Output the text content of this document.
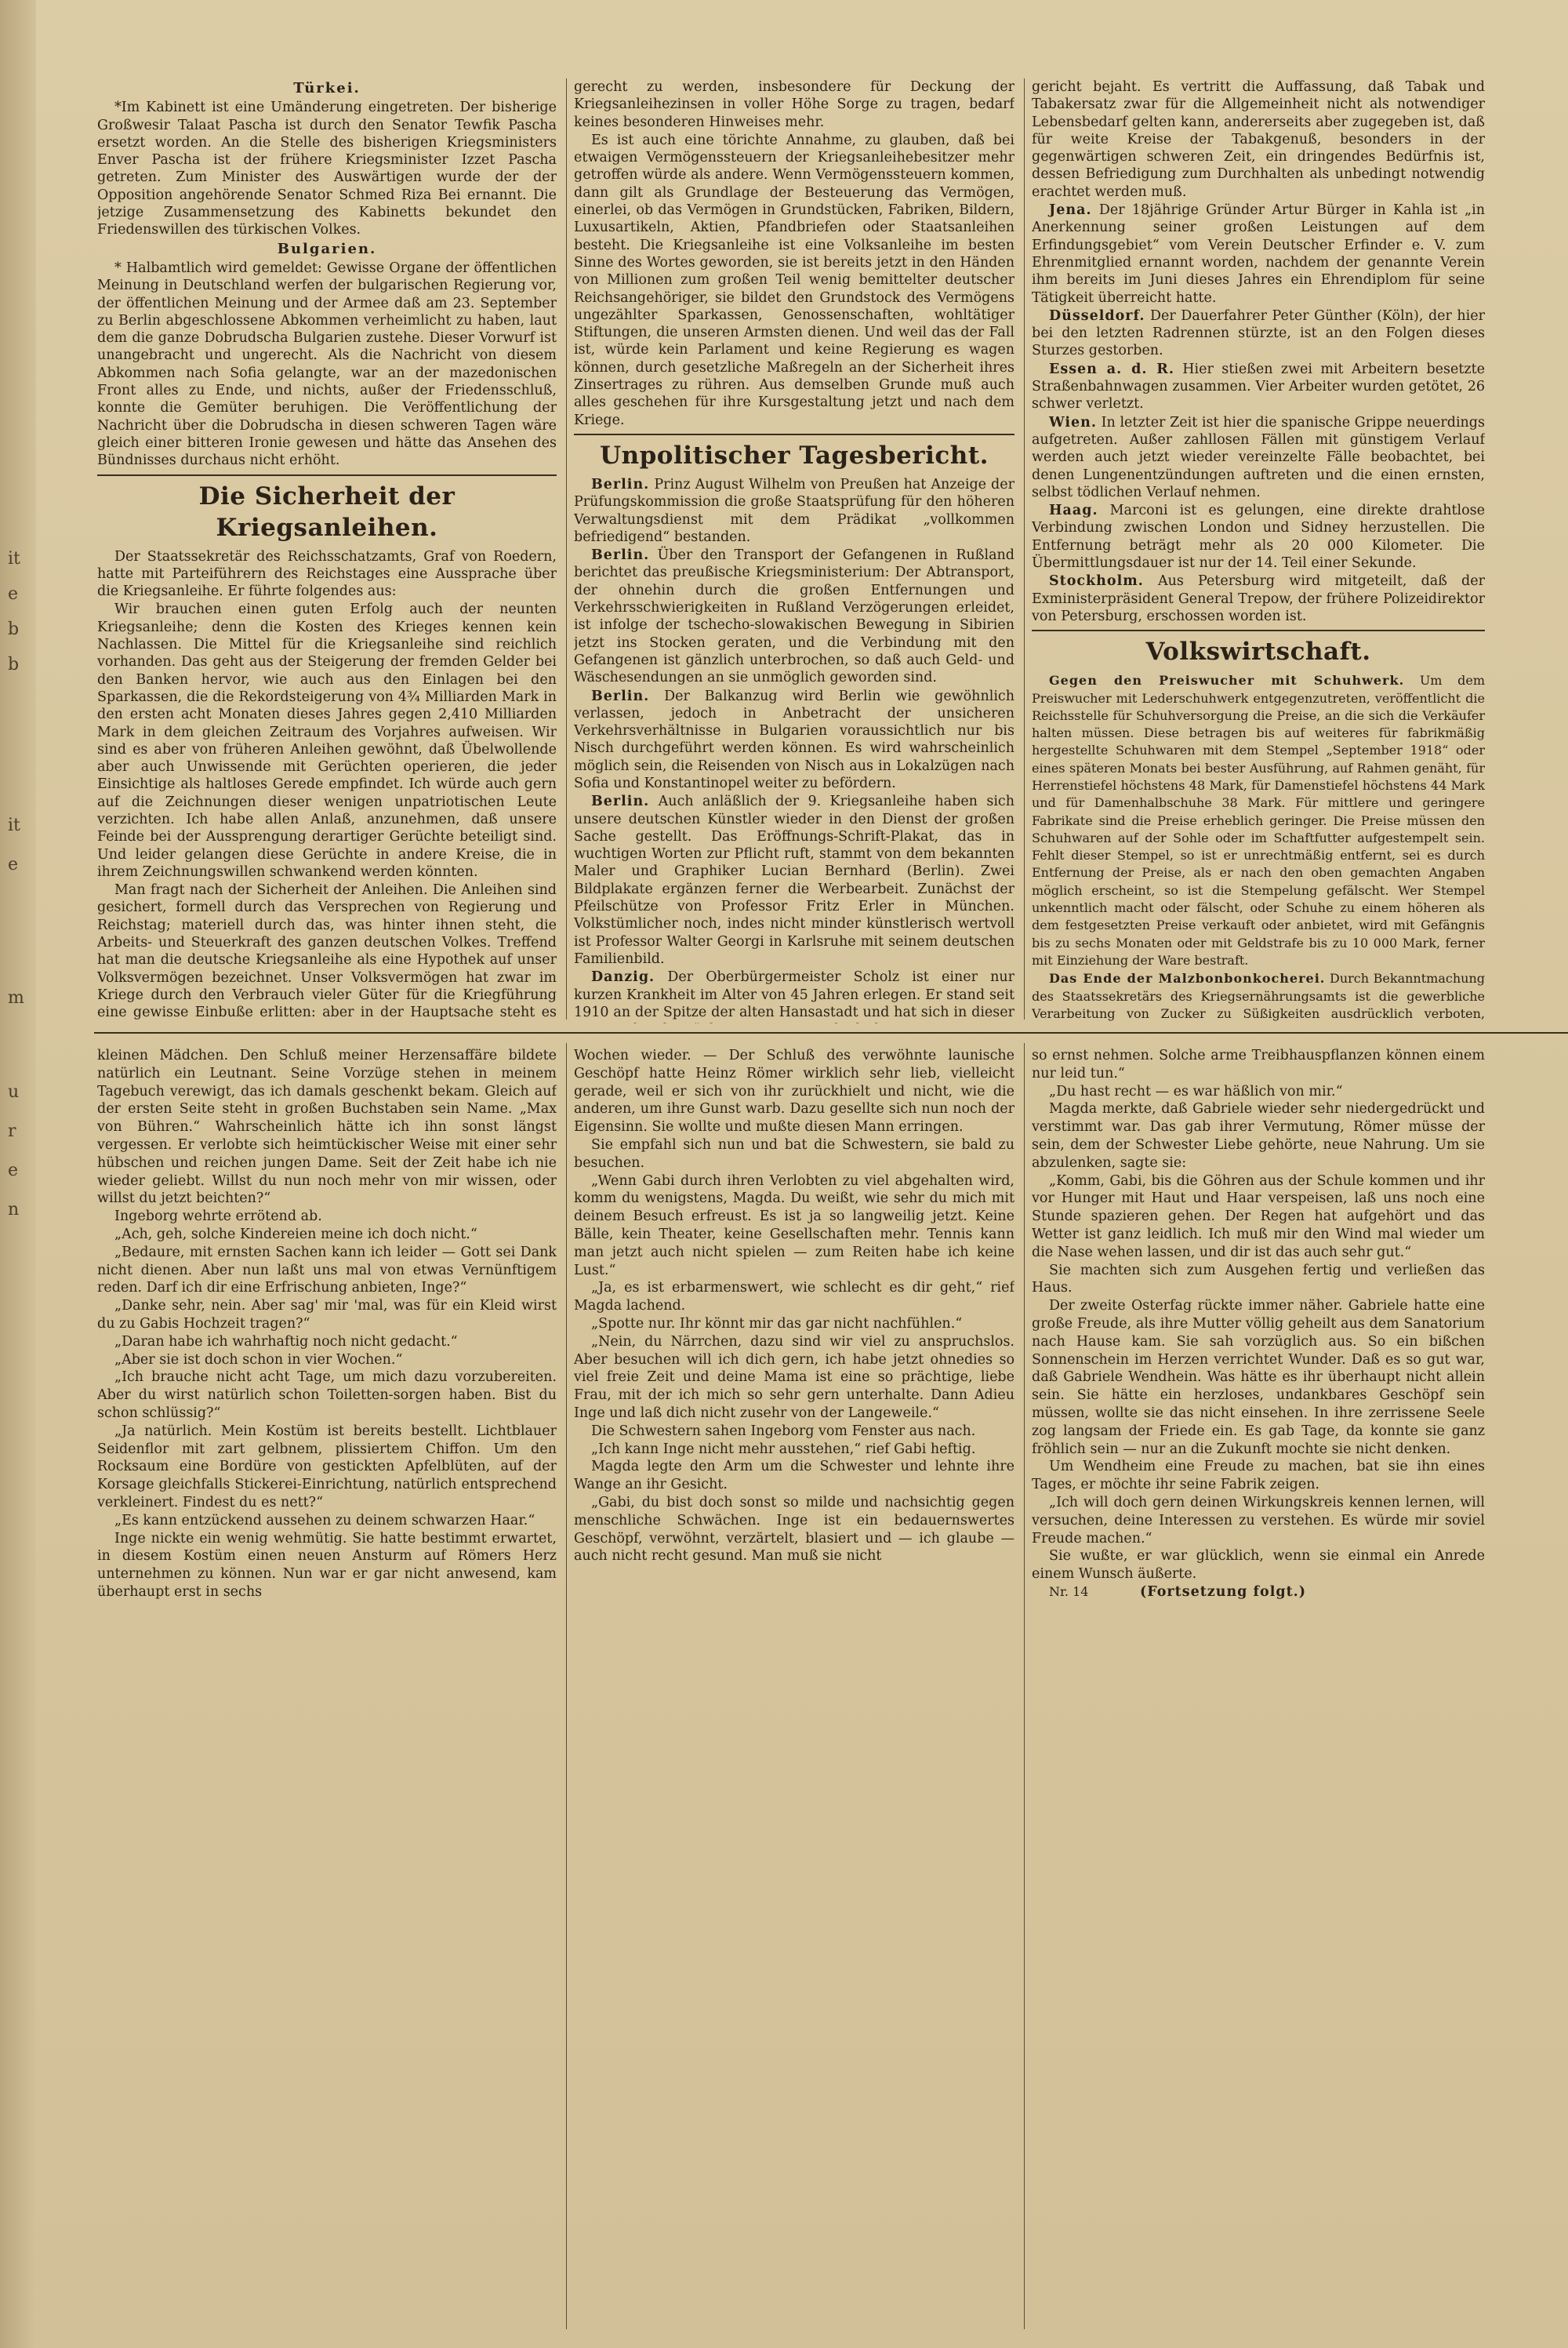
it
e
b
b
it
e
m
u
r
e
n
Türkei.

*Im Kabinett ist eine Umänderung eingetreten. Der bisherige Großwesir Talaat Pascha ist durch den Senator Tewfik Pascha ersetzt worden. An die Stelle des bisherigen Kriegsministers Enver Pascha ist der frühere Kriegsminister Izzet Pascha getreten. Zum Minister des Auswärtigen wurde der der Opposition angehörende Senator Schmed Riza Bei ernannt. Die jetzige Zusammensetzung des Kabinetts bekundet den Friedenswillen des türkischen Volkes.

Bulgarien.

* Halbamtlich wird gemeldet: Gewisse Organe der öffentlichen Meinung in Deutschland werfen der bulgarischen Regierung vor, der öffentlichen Meinung und der Armee daß am 23. September zu Berlin abgeschlossene Abkommen verheimlicht zu haben, laut dem die ganze Dobrudscha Bulgarien zustehe. Dieser Vorwurf ist unangebracht und ungerecht. Als die Nachricht von diesem Abkommen nach Sofia gelangte, war an der mazedonischen Front alles zu Ende, und nichts, außer der Friedensschluß, konnte die Gemüter beruhigen. Die Veröffentlichung der Nachricht über die Dobrudscha in diesen schweren Tagen wäre gleich einer bitteren Ironie gewesen und hätte das Ansehen des Bündnisses durchaus nicht erhöht.

Die Sicherheit der Kriegsanleihen.

Der Staatssekretär des Reichsschatzamts, Graf von Roedern, hatte mit Parteiführern des Reichstages eine Aussprache über die Kriegsanleihe. Er führte folgendes aus:

Wir brauchen einen guten Erfolg auch der neunten Kriegsanleihe; denn die Kosten des Krieges kennen kein Nachlassen. Die Mittel für die Kriegsanleihe sind reichlich vorhanden. Das geht aus der Steigerung der fremden Gelder bei den Banken hervor, wie auch aus den Einlagen bei den Sparkassen, die die Rekordsteigerung von 4¾ Milliarden Mark in den ersten acht Monaten dieses Jahres gegen 2,410 Milliarden Mark in dem gleichen Zeitraum des Vorjahres aufweisen. Wir sind es aber von früheren Anleihen gewöhnt, daß Übelwollende aber auch Unwissende mit Gerüchten operieren, die jeder Einsichtige als haltloses Gerede empfindet. Ich würde auch gern auf die Zeichnungen dieser wenigen unpatriotischen Leute verzichten. Ich habe allen Anlaß, anzunehmen, daß unsere Feinde bei der Aussprengung derartiger Gerüchte beteiligt sind. Und leider gelangen diese Gerüchte in andere Kreise, die in ihrem Zeichnungswillen schwankend werden könnten.

Man fragt nach der Sicherheit der Anleihen. Die Anleihen sind gesichert, formell durch das Versprechen von Regierung und Reichstag; materiell durch das, was hinter ihnen steht, die Arbeits- und Steuerkraft des ganzen deutschen Volkes. Treffend hat man die deutsche Kriegsanleihe als eine Hypothek auf unser Volksvermögen bezeichnet. Unser Volksvermögen hat zwar im Kriege durch den Verbrauch vieler Güter für die Kriegführung eine gewisse Einbuße erlitten: aber in der Hauptsache steht es

gerecht zu werden, insbesondere für Deckung der Kriegsanleihezinsen in voller Höhe Sorge zu tragen, bedarf keines besonderen Hinweises mehr.

Es ist auch eine törichte Annahme, zu glauben, daß bei etwaigen Vermögenssteuern der Kriegsanleihebesitzer mehr getroffen würde als andere. Wenn Vermögenssteuern kommen, dann gilt als Grundlage der Besteuerung das Vermögen, einerlei, ob das Vermögen in Grundstücken, Fabriken, Bildern, Luxusartikeln, Aktien, Pfandbriefen oder Staatsanleihen besteht. Die Kriegsanleihe ist eine Volksanleihe im besten Sinne des Wortes geworden, sie ist bereits jetzt in den Händen von Millionen zum großen Teil wenig bemittelter deutscher Reichsangehöriger, sie bildet den Grundstock des Vermögens ungezählter Sparkassen, Genossenschaften, wohltätiger Stiftungen, die unseren Armsten dienen. Und weil das der Fall ist, würde kein Parlament und keine Regierung es wagen können, durch gesetzliche Maßregeln an der Sicherheit ihres Zinsertrages zu rühren. Aus demselben Grunde muß auch alles geschehen für ihre Kursgestaltung jetzt und nach dem Kriege.

Unpolitischer Tagesbericht.

Berlin. Prinz August Wilhelm von Preußen hat Anzeige der Prüfungskommission die große Staatsprüfung für den höheren Verwaltungsdienst mit dem Prädikat „vollkommen befriedigend“ bestanden.

Berlin. Über den Transport der Gefangenen in Rußland berichtet das preußische Kriegsministerium: Der Abtransport, der ohnehin durch die großen Entfernungen und Verkehrsschwierigkeiten in Rußland Verzögerungen erleidet, ist infolge der tschecho-slowakischen Bewegung in Sibirien jetzt ins Stocken geraten, und die Verbindung mit den Gefangenen ist gänzlich unterbrochen, so daß auch Geld- und Wäschesendungen an sie unmöglich geworden sind.

Berlin. Der Balkanzug wird Berlin wie gewöhnlich verlassen, jedoch in Anbetracht der unsicheren Verkehrsverhältnisse in Bulgarien voraussichtlich nur bis Nisch durchgeführt werden können. Es wird wahrscheinlich möglich sein, die Reisenden von Nisch aus in Lokalzügen nach Sofia und Konstantinopel weiter zu befördern.

Berlin. Auch anläßlich der 9. Kriegsanleihe haben sich unsere deutschen Künstler wieder in den Dienst der großen Sache gestellt. Das Eröffnungs-Schrift-Plakat, das in wuchtigen Worten zur Pflicht ruft, stammt von dem bekannten Maler und Graphiker Lucian Bernhard (Berlin). Zwei Bildplakate ergänzen ferner die Werbearbeit. Zunächst der Pfeilschütze von Professor Fritz Erler in München. Volkstümlicher noch, indes nicht minder künstlerisch wertvoll ist Professor Walter Georgi in Karlsruhe mit seinem deutschen Familienbild.

Danzig. Der Oberbürgermeister Scholz ist einer nur kurzen Krankheit im Alter von 45 Jahren erlegen. Er stand seit 1910 an der Spitze der alten Hansastadt und hat sich in dieser

gericht bejaht. Es vertritt die Auffassung, daß Tabak und Tabakersatz zwar für die Allgemeinheit nicht als notwendiger Lebensbedarf gelten kann, andererseits aber zugegeben ist, daß für weite Kreise der Tabakgenuß, besonders in der gegenwärtigen schweren Zeit, ein dringendes Bedürfnis ist, dessen Befriedigung zum Durchhalten als unbedingt notwendig erachtet werden muß.

Jena. Der 18jährige Gründer Artur Bürger in Kahla ist „in Anerkennung seiner großen Leistungen auf dem Erfindungsgebiet“ vom Verein Deutscher Erfinder e. V. zum Ehrenmitglied ernannt worden, nachdem der genannte Verein ihm bereits im Juni dieses Jahres ein Ehrendiplom für seine Tätigkeit überreicht hatte.

Düsseldorf. Der Dauerfahrer Peter Günther (Köln), der hier bei den letzten Radrennen stürzte, ist an den Folgen dieses Sturzes gestorben.

Essen a. d. R. Hier stießen zwei mit Arbeitern besetzte Straßenbahnwagen zusammen. Vier Arbeiter wurden getötet, 26 schwer verletzt.

Wien. In letzter Zeit ist hier die spanische Grippe neuerdings aufgetreten. Außer zahllosen Fällen mit günstigem Verlauf werden auch jetzt wieder vereinzelte Fälle beobachtet, bei denen Lungenentzündungen auftreten und die einen ernsten, selbst tödlichen Verlauf nehmen.

Haag. Marconi ist es gelungen, eine direkte drahtlose Verbindung zwischen London und Sidney herzustellen. Die Entfernung beträgt mehr als 20 000 Kilometer. Die Übermittlungsdauer ist nur der 14. Teil einer Sekunde.

Stockholm. Aus Petersburg wird mitgeteilt, daß der Exministerpräsident General Trepow, der frühere Polizeidirektor von Petersburg, erschossen worden ist.

Volkswirtschaft.

Gegen den Preiswucher mit Schuhwerk. Um dem Preiswucher mit Lederschuhwerk entgegenzutreten, veröffentlicht die Reichsstelle für Schuhversorgung die Preise, an die sich die Verkäufer halten müssen. Diese betragen bis auf weiteres für fabrikmäßig hergestellte Schuhwaren mit dem Stempel „September 1918“ oder eines späteren Monats bei bester Ausführung, auf Rahmen genäht, für Herrenstiefel höchstens 48 Mark, für Damenstiefel höchstens 44 Mark und für Damenhalbschuhe 38 Mark. Für mittlere und geringere Fabrikate sind die Preise erheblich geringer. Die Preise müssen den Schuhwaren auf der Sohle oder im Schaftfutter aufgestempelt sein. Fehlt dieser Stempel, so ist er unrechtmäßig entfernt, sei es durch Entfernung der Preise, als er nach den oben gemachten Angaben möglich erscheint, so ist die Stempelung gefälscht. Wer Stempel unkenntlich macht oder fälscht, oder Schuhe zu einem höheren als dem festgesetzten Preise verkauft oder anbietet, wird mit Gefängnis bis zu sechs Monaten oder mit Geldstrafe bis zu 10 000 Mark, ferner mit Einziehung der Ware bestraft.

Das Ende der Malzbonbonkocherei. Durch Bekanntmachung des Staatssekretärs des Kriegsernährungsamts ist die gewerbliche Verarbeitung von Zucker zu Süßigkeiten ausdrücklich verboten,

kleinen Mädchen. Den Schluß meiner Herzensaffäre bildete natürlich ein Leutnant. Seine Vorzüge stehen in meinem Tagebuch verewigt, das ich damals geschenkt bekam. Gleich auf der ersten Seite steht in großen Buchstaben sein Name. „Max von Bühren.“ Wahrscheinlich hätte ich ihn sonst längst vergessen. Er verlobte sich heimtückischer Weise mit einer sehr hübschen und reichen jungen Dame. Seit der Zeit habe ich nie wieder geliebt. Willst du nun noch mehr von mir wissen, oder willst du jetzt beichten?“

Ingeborg wehrte errötend ab.

„Ach, geh, solche Kindereien meine ich doch nicht.“

„Bedaure, mit ernsten Sachen kann ich leider — Gott sei Dank nicht dienen. Aber nun laßt uns mal von etwas Vernünftigem reden. Darf ich dir eine Erfrischung anbieten, Inge?“

„Danke sehr, nein. Aber sag' mir 'mal, was für ein Kleid wirst du zu Gabis Hochzeit tragen?“

„Daran habe ich wahrhaftig noch nicht gedacht.“

„Aber sie ist doch schon in vier Wochen.“

„Ich brauche nicht acht Tage, um mich dazu vorzubereiten. Aber du wirst natürlich schon Toiletten-sorgen haben. Bist du schon schlüssig?“

„Ja natürlich. Mein Kostüm ist bereits bestellt. Lichtblauer Seidenflor mit zart gelbnem, plissiertem Chiffon. Um den Rocksaum eine Bordüre von gestickten Apfelblüten, auf der Korsage gleichfalls Stickerei-Einrichtung, natürlich entsprechend verkleinert. Findest du es nett?“

„Es kann entzückend aussehen zu deinem schwarzen Haar.“

Inge nickte ein wenig wehmütig. Sie hatte bestimmt erwartet, in diesem Kostüm einen neuen Ansturm auf Römers Herz unternehmen zu können. Nun war er gar nicht anwesend, kam überhaupt erst in sechs

Wochen wieder. — Der Schluß des verwöhnte launische Geschöpf hatte Heinz Römer wirklich sehr lieb, vielleicht gerade, weil er sich von ihr zurückhielt und nicht, wie die anderen, um ihre Gunst warb. Dazu gesellte sich nun noch der Eigensinn. Sie wollte und mußte diesen Mann erringen.

Sie empfahl sich nun und bat die Schwestern, sie bald zu besuchen.

„Wenn Gabi durch ihren Verlobten zu viel abgehalten wird, komm du wenigstens, Magda. Du weißt, wie sehr du mich mit deinem Besuch erfreust. Es ist ja so langweilig jetzt. Keine Bälle, kein Theater, keine Gesellschaften mehr. Tennis kann man jetzt auch nicht spielen — zum Reiten habe ich keine Lust.“

„Ja, es ist erbarmenswert, wie schlecht es dir geht,“ rief Magda lachend.

„Spotte nur. Ihr könnt mir das gar nicht nachfühlen.“

„Nein, du Närrchen, dazu sind wir viel zu anspruchslos. Aber besuchen will ich dich gern, ich habe jetzt ohnedies so viel freie Zeit und deine Mama ist eine so prächtige, liebe Frau, mit der ich mich so sehr gern unterhalte. Dann Adieu Inge und laß dich nicht zusehr von der Langeweile.“

Die Schwestern sahen Ingeborg vom Fenster aus nach.

„Ich kann Inge nicht mehr ausstehen,“ rief Gabi heftig.

Magda legte den Arm um die Schwester und lehnte ihre Wange an ihr Gesicht.

„Gabi, du bist doch sonst so milde und nachsichtig gegen menschliche Schwächen. Inge ist ein bedauernswertes Geschöpf, verwöhnt, verzärtelt, blasiert und — ich glaube — auch nicht recht gesund. Man muß sie nicht

so ernst nehmen. Solche arme Treibhauspflanzen können einem nur leid tun.“

„Du hast recht — es war häßlich von mir.“

Magda merkte, daß Gabriele wieder sehr niedergedrückt und verstimmt war. Das gab ihrer Vermutung, Römer müsse der sein, dem der Schwester Liebe gehörte, neue Nahrung. Um sie abzulenken, sagte sie:

„Komm, Gabi, bis die Göhren aus der Schule kommen und ihr vor Hunger mit Haut und Haar verspeisen, laß uns noch eine Stunde spazieren gehen. Der Regen hat aufgehört und das Wetter ist ganz leidlich. Ich muß mir den Wind mal wieder um die Nase wehen lassen, und dir ist das auch sehr gut.“

Sie machten sich zum Ausgehen fertig und verließen das Haus.

Der zweite Osterfag rückte immer näher. Gabriele hatte eine große Freude, als ihre Mutter völlig geheilt aus dem Sanatorium nach Hause kam. Sie sah vorzüglich aus. So ein bißchen Sonnenschein im Herzen verrichtet Wunder. Daß es so gut war, daß Gabriele Wendhein. Was hätte es ihr überhaupt nicht allein sein. Sie hätte ein herzloses, undankbares Geschöpf sein müssen, wollte sie das nicht einsehen. In ihre zerrissene Seele zog langsam der Friede ein. Es gab Tage, da konnte sie ganz fröhlich sein — nur an die Zukunft mochte sie nicht denken.

Um Wendheim eine Freude zu machen, bat sie ihn eines Tages, er möchte ihr seine Fabrik zeigen.

„Ich will doch gern deinen Wirkungskreis kennen lernen, will versuchen, deine Interessen zu verstehen. Es würde mir soviel Freude machen.“

Sie wußte, er war glücklich, wenn sie einmal ein Anrede einem Wunsch äußerte.

Nr. 14	(Fortsetzung folgt.)
